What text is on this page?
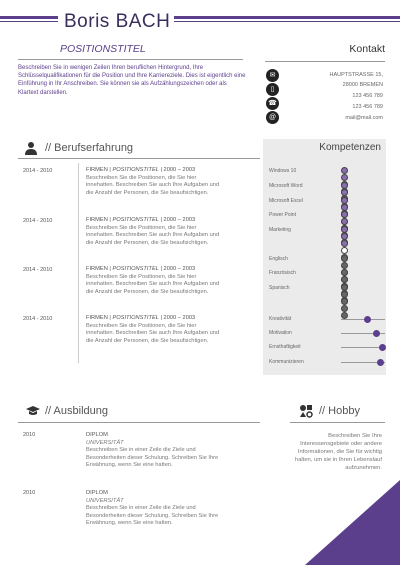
Boris BACH
POSITIONSTITEL
Beschreiben Sie in wenigen Zeilen Ihren beruflichen Hintergrund, Ihre Schlüsselqualifikationen für die Position und Ihre Karriereziele. Dies ist eigentlich eine Einführung in Ihr Anschreiben. Sie können sie als Aufzählungszeichen oder als Klartext darstellen.
Kontakt
✉
▯
☎
@
HAUPTSTRASSE 15,
28000 BREMEN
123 456 789
123 456 789
mail@mail.com
// Berufserfahrung
2014 - 2010	FIRMEN | POSITIONSTITEL | 2000 – 2003
Beschreiben Sie die Positionen, die Sie hier innehatten. Beschreiben Sie auch Ihre Aufgaben und die Anzahl der Personen, die Sie beaufsichtigen.
2014 - 2010	FIRMEN | POSITIONSTITEL | 2000 – 2003
Beschreiben Sie die Positionen, die Sie hier innehatten. Beschreiben Sie auch Ihre Aufgaben und die Anzahl der Personen, die Sie beaufsichtigen.
2014 - 2010	FIRMEN | POSITIONSTITEL | 2000 – 2003
Beschreiben Sie die Positionen, die Sie hier innehatten. Beschreiben Sie auch Ihre Aufgaben und die Anzahl der Personen, die Sie beaufsichtigen.
2014 - 2010	FIRMEN | POSITIONSTITEL | 2000 – 2003
Beschreiben Sie die Positionen, die Sie hier innehatten. Beschreiben Sie auch Ihre Aufgaben und die Anzahl der Personen, die Sie beaufsichtigen.
Kompetenzen
Windows 10
Microsoft Word
Microsoft Excel
Power Point
Marketing
Englisch
Französisch
Spanisch
Kreativität
Motivation
Ernsthaftigkeit
Kommunizieren
// Ausbildung
2010	DIPLOM
UNIVERSITÄT
Beschreiben Sie in einer Zeile die Ziele und Besonderheiten dieser Schulung. Schreiben Sie Ihre Erwähnung, wenn Sie eine hatten.
2010	DIPLOM
UNIVERSITÄT
Beschreiben Sie in einer Zeile die Ziele und Besonderheiten dieser Schulung. Schreiben Sie Ihre Erwähnung, wenn Sie eine hatten.
// Hobby
Beschreiben Sie Ihre Interessensgebiete oder andere Informationen, die Sie für wichtig halten, um sie in Ihren Lebenslauf aufzunehmen.
